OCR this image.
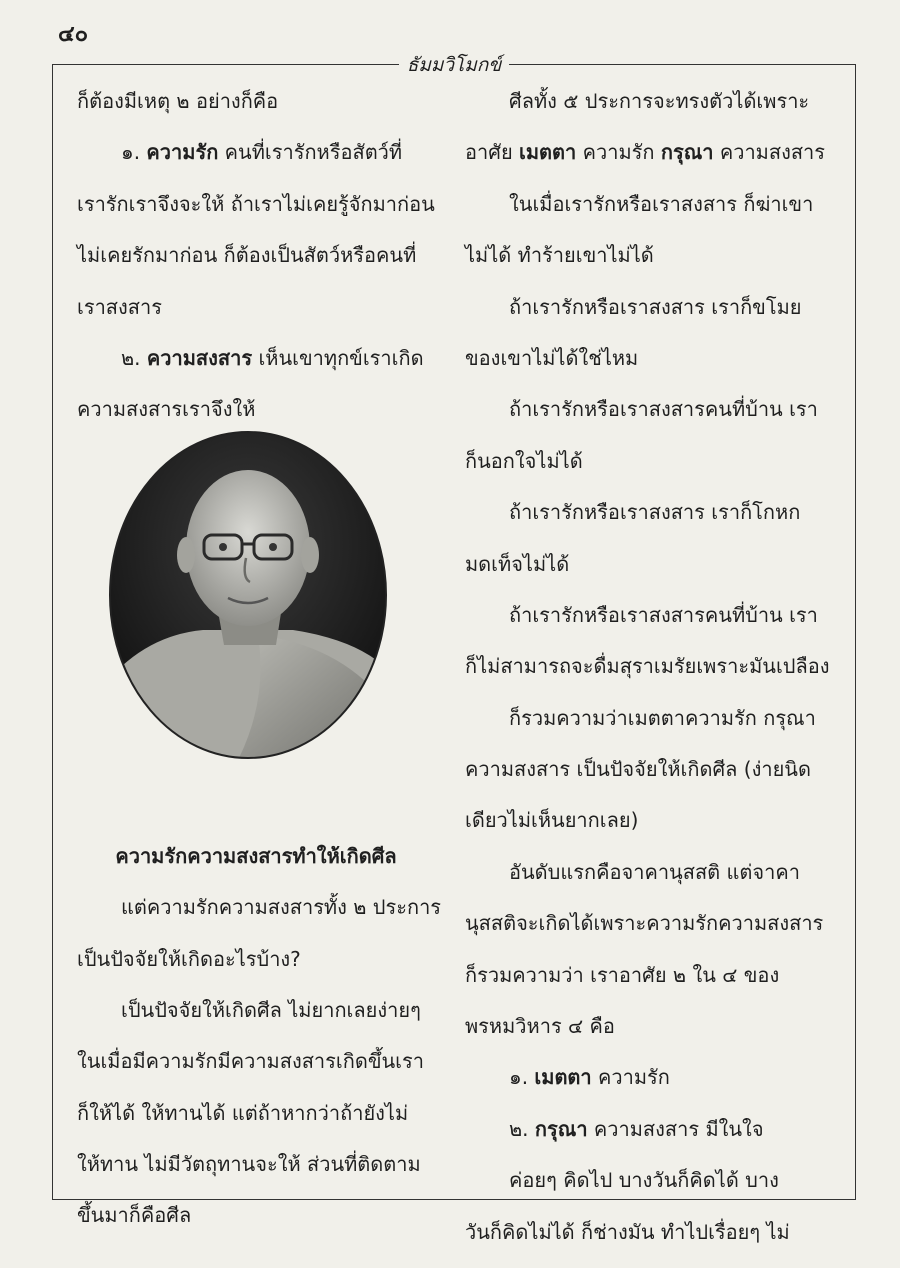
๔๐
ธัมมวิโมกข์
ก็ต้องมีเหตุ ๒ อย่างก็คือ
๑. ความรัก คนที่เรารักหรือสัตว์ที่
เรารักเราจึงจะให้ ถ้าเราไม่เคยรู้จักมาก่อน
ไม่เคยรักมาก่อน ก็ต้องเป็นสัตว์หรือคนที่
เราสงสาร
๒. ความสงสาร เห็นเขาทุกข์เราเกิด
ความสงสารเราจึงให้
ความรักความสงสารทำให้เกิดศีล
แต่ความรักความสงสารทั้ง ๒ ประการ
เป็นปัจจัยให้เกิดอะไรบ้าง?
เป็นปัจจัยให้เกิดศีล ไม่ยากเลยง่ายๆ
ในเมื่อมีความรักมีความสงสารเกิดขึ้นเรา
ก็ให้ได้ ให้ทานได้ แต่ถ้าหากว่าถ้ายังไม่
ให้ทาน ไม่มีวัตถุทานจะให้ ส่วนที่ติดตาม
ขึ้นมาก็คือศีล
ศีลทั้ง ๕ ประการจะทรงตัวได้เพราะ
อาศัย เมตตา ความรัก กรุณา ความสงสาร
ในเมื่อเรารักหรือเราสงสาร ก็ฆ่าเขา
ไม่ได้ ทำร้ายเขาไม่ได้
ถ้าเรารักหรือเราสงสาร เราก็ขโมย
ของเขาไม่ได้ใช่ไหม
ถ้าเรารักหรือเราสงสารคนที่บ้าน เรา
ก็นอกใจไม่ได้
ถ้าเรารักหรือเราสงสาร เราก็โกหก
มดเท็จไม่ได้
ถ้าเรารักหรือเราสงสารคนที่บ้าน เรา
ก็ไม่สามารถจะดื่มสุราเมรัยเพราะมันเปลือง
ก็รวมความว่าเมตตาความรัก กรุณา
ความสงสาร เป็นปัจจัยให้เกิดศีล (ง่ายนิด
เดียวไม่เห็นยากเลย)
อันดับแรกคือจาคานุสสติ แต่จาคา
นุสสติจะเกิดได้เพราะความรักความสงสาร
ก็รวมความว่า เราอาศัย ๒ ใน ๔ ของ
พรหมวิหาร ๔ คือ
๑. เมตตา ความรัก
๒. กรุณา ความสงสาร มีในใจ
ค่อยๆ คิดไป บางวันก็คิดได้ บาง
วันก็คิดไม่ได้ ก็ช่างมัน ทำไปเรื่อยๆ ไม่
